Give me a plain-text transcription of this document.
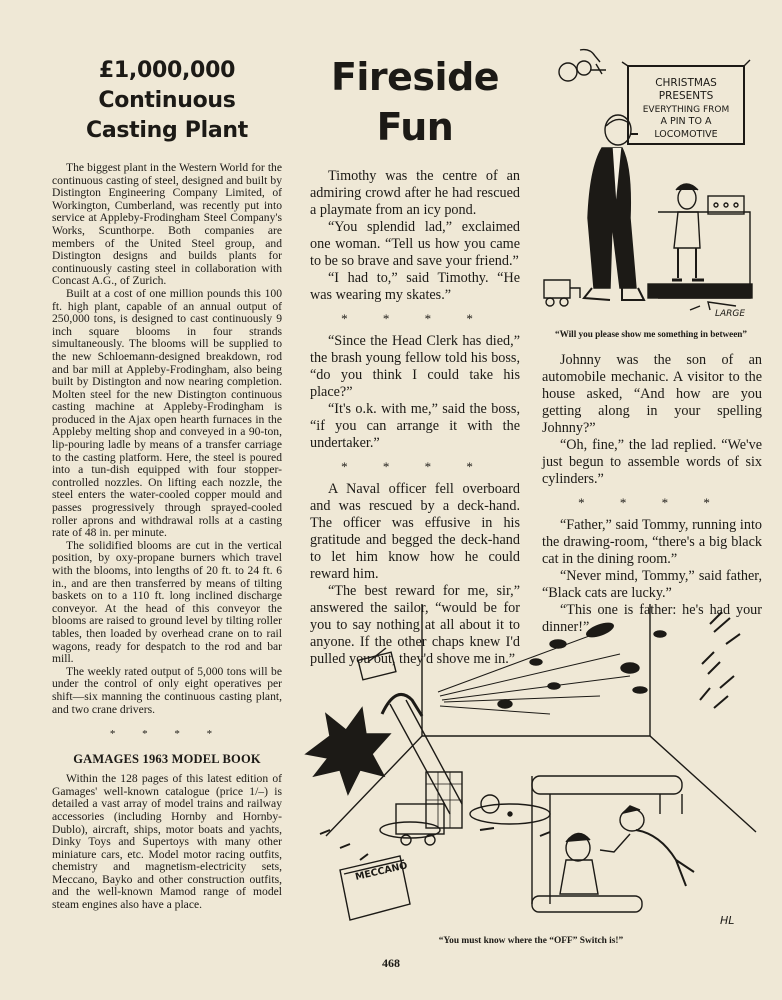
£1,000,000 Continuous
Casting Plant

The biggest plant in the Western World for the continuous casting of steel, designed and built by Distington Engineering Company Limited, of Workington, Cumberland, was recently put into service at Appleby-Frodingham Steel Company's Works, Scunthorpe. Both companies are members of the United Steel group, and Distington designs and builds plants for continuously casting steel in collaboration with Concast A.G., of Zurich.

Built at a cost of one million pounds this 100 ft. high plant, capable of an annual output of 250,000 tons, is designed to cast continuously 9 inch square blooms in four strands simultaneously. The blooms will be supplied to the new Schloemann-designed breakdown, rod and bar mill at Appleby-Frodingham, also being built by Distington and now nearing completion. Molten steel for the new Distington continuous casting machine at Appleby-Frodingham is produced in the Ajax open hearth furnaces in the Appleby melting shop and conveyed in a 90-ton, lip-pouring ladle by means of a transfer carriage to the casting platform. Here, the steel is poured into a tun-dish equipped with four stopper-controlled nozzles. On lifting each nozzle, the steel enters the water-cooled copper mould and passes progressively through sprayed-cooled roller aprons and withdrawal rolls at a casting rate of 48 in. per minute.

The solidified blooms are cut in the vertical position, by oxy-propane burners which travel with the blooms, into lengths of 20 ft. to 24 ft. 6 in., and are then transferred by means of tilting baskets on to a 110 ft. long inclined discharge conveyor. At the head of this conveyor the blooms are raised to ground level by tilting roller tables, then loaded by overhead crane on to rail wagons, ready for despatch to the rod and bar mill.

The weekly rated output of 5,000 tons will be under the control of only eight operatives per shift—six manning the continuous casting plant, and two crane drivers.

* * * *
GAMAGES 1963 MODEL BOOK

Within the 128 pages of this latest edition of Gamages' well-known catalogue (price 1/–) is detailed a vast array of model trains and railway accessories (including Hornby and Hornby-Dublo), aircraft, ships, motor boats and yachts, Dinky Toys and Supertoys with many other miniature cars, etc. Model motor racing outfits, chemistry and magnetism-electricity sets, Meccano, Bayko and other construction outfits, and the well-known Mamod range of model steam engines also have a place.

Fireside
Fun

Timothy was the centre of an admiring crowd after he had rescued a playmate from an icy pond.

“You splendid lad,” exclaimed one woman. “Tell us how you came to be so brave and save your friend.”

“I had to,” said Timothy. “He was wearing my skates.”

* * * *

“Since the Head Clerk has died,” the brash young fellow told his boss, “do you think I could take his place?”

“It's o.k. with me,” said the boss, “if you can arrange it with the undertaker.”

* * * *

A Naval officer fell overboard and was rescued by a deck-hand. The officer was effusive in his gratitude and begged the deck-hand to let him know how he could reward him.

“The best reward for me, sir,” answered the sailor, “would be for you to say nothing at all about it to anyone. If the other chaps knew I'd pulled you out, they'd shove me in.”

CHRISTMAS
PRESENTS
EVERYTHING FROM
A PIN TO A
LOCOMOTIVE
LARGE
“Will you please show me something in between”

Johnny was the son of an automobile mechanic. A visitor to the house asked, “And how are you getting along in your spelling Johnny?”

“Oh, fine,” the lad replied. “We've just begun to assemble words of six cylinders.”

* * * *

“Father,” said Tommy, running into the drawing-room, “there's a big black cat in the dining room.”

“Never mind, Tommy,” said father, “Black cats are lucky.”

“This one is father: he's had your dinner!”

MECCANO
HL
“You must know where the “OFF” Switch is!”
468
